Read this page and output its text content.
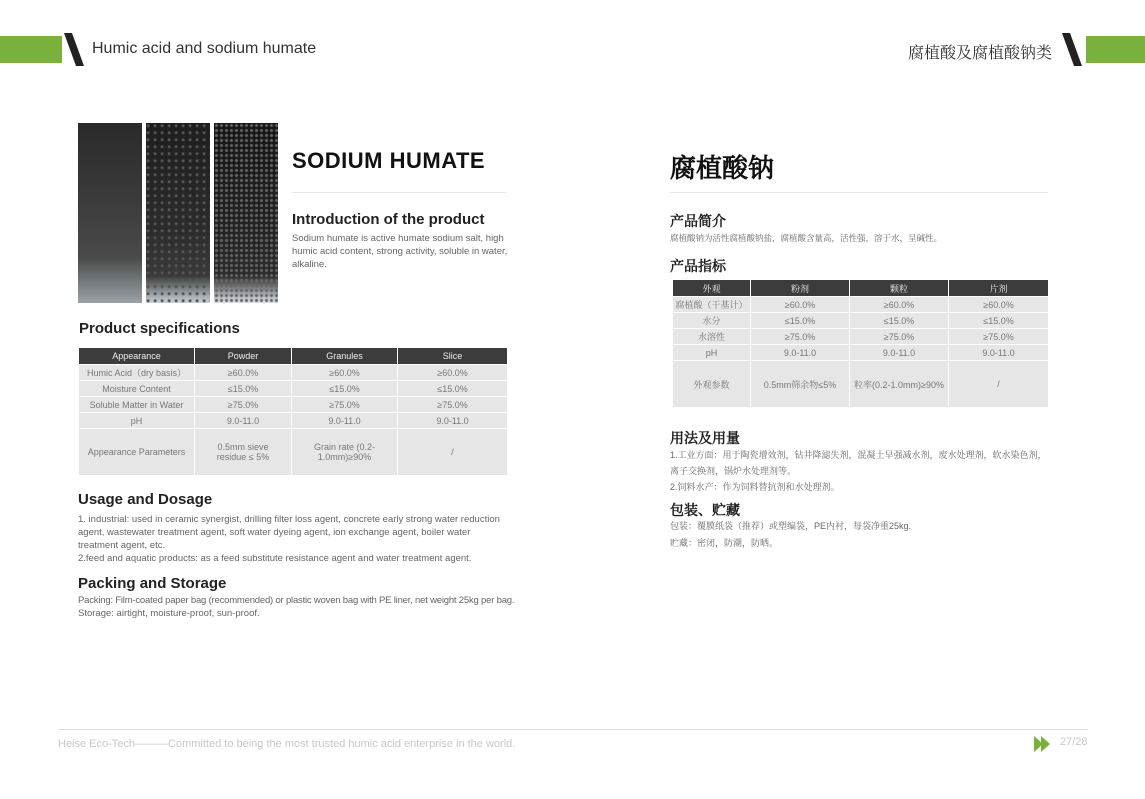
Humic acid and sodium humate	腐植酸及腐植酸钠类
SODIUM HUMATE
Introduction of the product
Sodium humate is active humate sodium salt, high humic acid content, strong activity, soluble in water, alkaline.
Product specifications
Appearance	Powder	Granules	Slice
Humic Acid（dry basis）	≥60.0%	≥60.0%	≥60.0%
Moisture Content	≤15.0%	≤15.0%	≤15.0%
Soluble Matter in Water	≥75.0%	≥75.0%	≥75.0%
pH	9.0-11.0	9.0-11.0	9.0-11.0
Appearance Parameters	0.5mm sieve residue ≤ 5%	Grain rate (0.2-1.0mm)≥90%	/
Usage and Dosage
1. industrial: used in ceramic synergist, drilling filter loss agent, concrete early strong water reduction agent, wastewater treatment agent, soft water dyeing agent, ion exchange agent, boiler water treatment agent, etc.
2.feed and aquatic products: as a feed substitute resistance agent and water treatment agent.
Packing and Storage
Packing: Film-coated paper bag (recommended) or plastic woven bag with PE liner, net weight 25kg per bag.
Storage: airtight, moisture-proof, sun-proof.
腐植酸钠
产品简介
腐植酸钠为活性腐植酸钠盐，腐植酸含量高，活性强，溶于水，呈碱性。
产品指标
外观	粉剂	颗粒	片剂
腐植酸（干基计）	≥60.0%	≥60.0%	≥60.0%
水分	≤15.0%	≤15.0%	≤15.0%
水溶性	≥75.0%	≥75.0%	≥75.0%
pH	9.0-11.0	9.0-11.0	9.0-11.0
外观参数	0.5mm筛余物≤5%	粒率(0.2-1.0mm)≥90%	/
用法及用量
1.工业方面：用于陶瓷增效剂，钻井降滤失剂，混凝土早强减水剂，废水处理剂，软水染色剂，离子交换剂，锅炉水处理剂等。
2.饲料水产：作为饲料替抗剂和水处理剂。
包装、贮藏
包装：覆膜纸袋（推荐）或塑编袋，PE内衬，每袋净重25kg.
贮藏：密闭，防潮，防晒。
Heise Eco-Tech———Committed to being the most trusted humic acid enterprise in the world.	27/28
